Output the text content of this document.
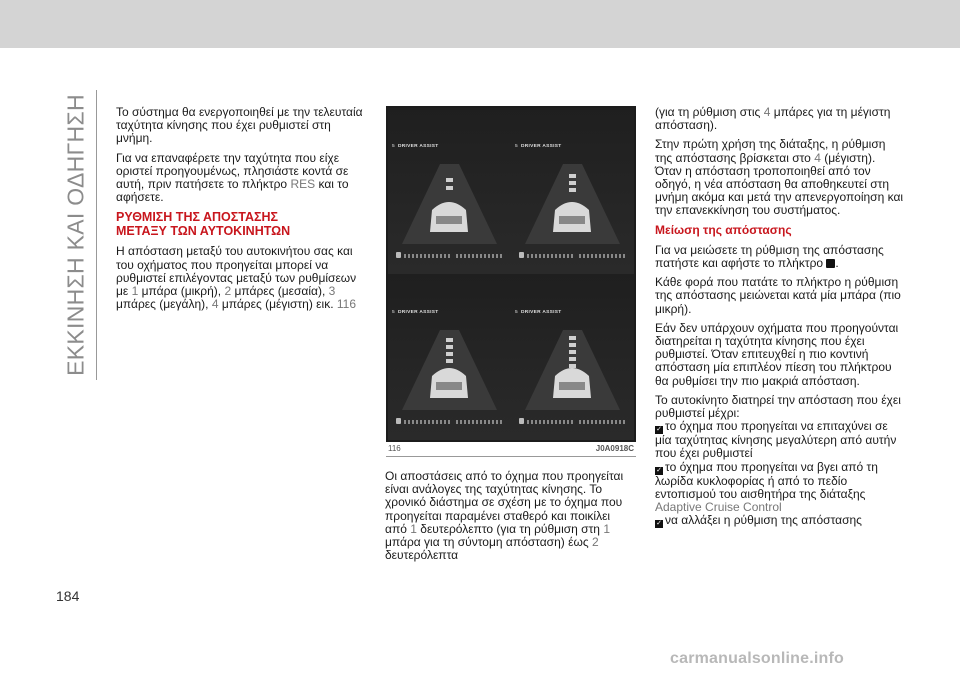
ΕΚΚΙΝΗΣΗ ΚΑΙ ΟΔΗΓΗΣΗ Το σύστημα θα ενεργοποιηθεί με την τελευταία ταχύτητα κίνησης που έχει ρυθμιστεί στη μνήμη.

Για να επαναφέρετε την ταχύτητα που είχε οριστεί προηγουμένως, πλησιάστε κοντά σε αυτή, πριν πατήσετε το πλήκτρο RES και το αφήσετε.

ΡΥΘΜΙΣΗ ΤΗΣ ΑΠΟΣΤΑΣΗΣ
ΜΕΤΑΞΥ ΤΩΝ ΑΥΤΟΚΙΝΗΤΩΝ

Η απόσταση μεταξύ του αυτοκινήτου σας και του οχήματος που προηγείται μπορεί να ρυθμιστεί επιλέγοντας μεταξύ των ρυθμίσεων με 1 μπάρα (μικρή), 2 μπάρες (μεσαία), 3 μπάρες (μεγάλη), 4 μπάρες (μέγιστη) εικ. 116

5 DRIVER ASSIST	5 DRIVER ASSIST
5 DRIVER ASSIST	5 DRIVER ASSIST
116	J0A0918C

Οι αποστάσεις από το όχημα που προηγείται είναι ανάλογες της ταχύτητας κίνησης. Το χρονικό διάστημα σε σχέση με το όχημα που προηγείται παραμένει σταθερό και ποικίλει από 1 δευτερόλεπτο (για τη ρύθμιση στη 1 μπάρα για τη σύντομη απόσταση) έως 2 δευτερόλεπτα

(για τη ρύθμιση στις 4 μπάρες για τη μέγιστη απόσταση).

Στην πρώτη χρήση της διάταξης, η ρύθμιση της απόστασης βρίσκεται στο 4 (μέγιστη). Όταν η απόσταση τροποποιηθεί από τον οδηγό, η νέα απόσταση θα αποθηκευτεί στη μνήμη ακόμα και μετά την απενεργοποίηση και την επανεκκίνηση του συστήματος.

Μείωση της απόστασης

Για να μειώσετε τη ρύθμιση της απόστασης πατήστε και αφήστε το πλήκτρο .

Κάθε φορά που πατάτε το πλήκτρο η ρύθμιση της απόστασης μειώνεται κατά μία μπάρα (πιο μικρή).

Εάν δεν υπάρχουν οχήματα που προηγούνται διατηρείται η ταχύτητα κίνησης που έχει ρυθμιστεί. Όταν επιτευχθεί η πιο κοντινή απόσταση μία επιπλέον πίεση του πλήκτρου θα ρυθμίσει την πιο μακριά απόσταση.

Το αυτοκίνητο διατηρεί την απόσταση που έχει ρυθμιστεί μέχρι:

✓ το όχημα που προηγείται να επιταχύνει σε μία ταχύτητας κίνησης μεγαλύτερη από αυτήν που έχει ρυθμιστεί
✓ το όχημα που προηγείται να βγει από τη λωρίδα κυκλοφορίας ή από το πεδίο εντοπισμού του αισθητήρα της διάταξης Adaptive Cruise Control
✓ να αλλάξει η ρύθμιση της απόστασης
184
carmanualsonline.info
